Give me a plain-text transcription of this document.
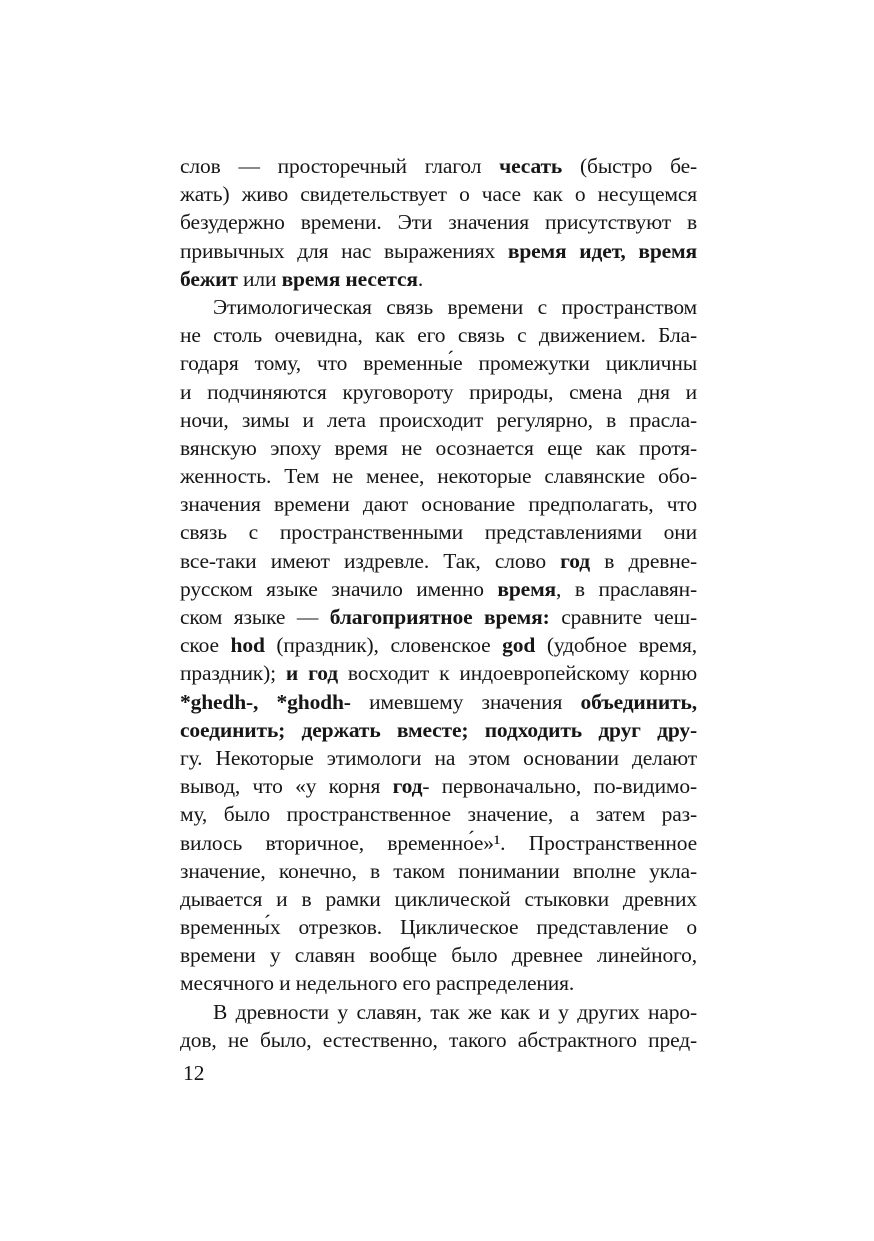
слов — просторечный глагол чесать (быстро бе-
жать) живо свидетельствует о часе как о несущемся
безудержно времени. Эти значения присутствуют в
привычных для нас выражениях время идет, время
бежит или время несется.
Этимологическая связь времени с пространством
не столь очевидна, как его связь с движением. Бла-
годаря тому, что временны́е промежутки цикличны
и подчиняются круговороту природы, смена дня и
ночи, зимы и лета происходит регулярно, в прасла-
вянскую эпоху время не осознается еще как протя-
женность. Тем не менее, некоторые славянские обо-
значения времени дают основание предполагать, что
связь с пространственными представлениями они
все-таки имеют издревле. Так, слово год в древне-
русском языке значило именно время, в праславян-
ском языке — благоприятное время: сравните чеш-
ское hod (праздник), словенское god (удобное время,
праздник); и год восходит к индоевропейскому корню
*ghedh-, *ghodh- имевшему значения объединить,
соединить; держать вместе; подходить друг дру-
гу. Некоторые этимологи на этом основании делают
вывод, что «у корня год- первоначально, по-видимо-
му, было пространственное значение, а затем раз-
вилось вторичное, временно́е»¹. Пространственное
значение, конечно, в таком понимании вполне укла-
дывается и в рамки циклической стыковки древних
временны́х отрезков. Циклическое представление о
времени у славян вообще было древнее линейного,
месячного и недельного его распределения.
В древности у славян, так же как и у других наро-
дов, не было, естественно, такого абстрактного пред-
12
